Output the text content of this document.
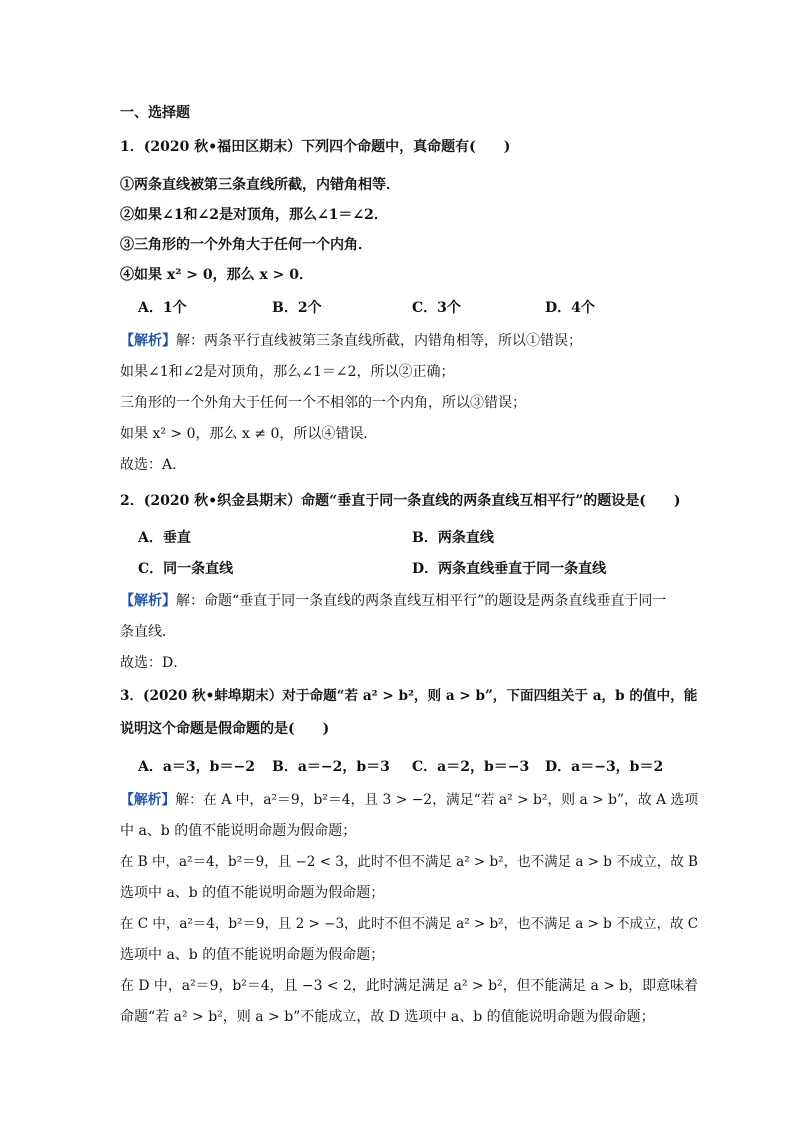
一、选择题
1．(2020 秋•福田区期末）下列四个命题中，真命题有(　　)
①两条直线被第三条直线所截，内错角相等．
②如果∠1和∠2是对顶角，那么∠1＝∠2．
③三角形的一个外角大于任何一个内角．
④如果 x² > 0，那么 x > 0．
A．1个	B．2个	C．3个	D．4个
【解析】解：两条平行直线被第三条直线所截，内错角相等，所以①错误；
如果∠1和∠2是对顶角，那么∠1＝∠2，所以②正确；
三角形的一个外角大于任何一个不相邻的一个内角，所以③错误；
如果 x² > 0，那么 x ≠ 0，所以④错误．
故选：A．
2．(2020 秋•织金县期末）命题“垂直于同一条直线的两条直线互相平行”的题设是(　　)
A．垂直	B．两条直线
C．同一条直线	D．两条直线垂直于同一条直线
【解析】解：命题“垂直于同一条直线的两条直线互相平行”的题设是两条直线垂直于同一
条直线．
故选：D．
3．(2020 秋•蚌埠期末）对于命题“若 a² > b²，则 a > b”，下面四组关于 a，b 的值中，能
说明这个命题是假命题的是(　　)
A．a＝3，b＝−2 B．a＝−2，b＝3 C．a＝2，b＝−3 D．a＝−3，b＝2
【解析】解：在 A 中，a²＝9，b²＝4，且 3 > −2，满足“若 a² > b²，则 a > b”，故 A 选项
中 a、b 的值不能说明命题为假命题；
在 B 中，a²＝4，b²＝9，且 −2 < 3，此时不但不满足 a² > b²，也不满足 a > b 不成立，故 B
选项中 a、b 的值不能说明命题为假命题；
在 C 中，a²＝4，b²＝9，且 2 > −3，此时不但不满足 a² > b²，也不满足 a > b 不成立，故 C
选项中 a、b 的值不能说明命题为假命题；
在 D 中，a²＝9，b²＝4，且 −3 < 2，此时满足满足 a² > b²，但不能满足 a > b，即意味着
命题“若 a² > b²，则 a > b”不能成立，故 D 选项中 a、b 的值能说明命题为假命题；
